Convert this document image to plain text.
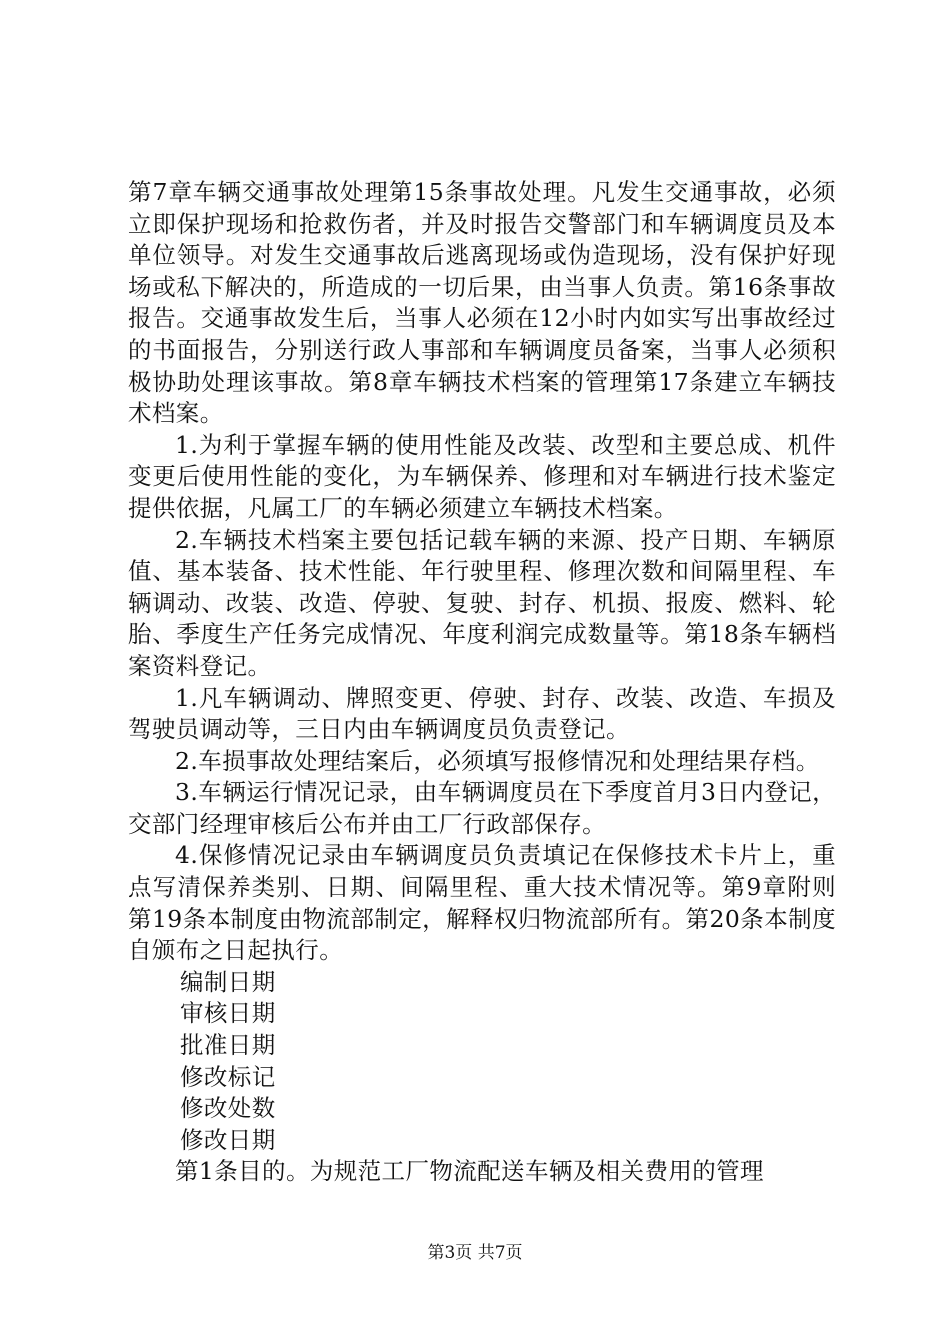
第7章车辆交通事故处理第15条事故处理。凡发生交通事故，必须立即保护现场和抢救伤者，并及时报告交警部门和车辆调度员及本单位领导。对发生交通事故后逃离现场或伪造现场，没有保护好现场或私下解决的，所造成的一切后果，由当事人负责。第16条事故报告。交通事故发生后，当事人必须在12小时内如实写出事故经过的书面报告，分别送行政人事部和车辆调度员备案，当事人必须积极协助处理该事故。第8章车辆技术档案的管理第17条建立车辆技术档案。

1.为利于掌握车辆的使用性能及改装、改型和主要总成、机件变更后使用性能的变化，为车辆保养、修理和对车辆进行技术鉴定提供依据，凡属工厂的车辆必须建立车辆技术档案。

2.车辆技术档案主要包括记载车辆的来源、投产日期、车辆原值、基本装备、技术性能、年行驶里程、修理次数和间隔里程、车辆调动、改装、改造、停驶、复驶、封存、机损、报废、燃料、轮胎、季度生产任务完成情况、年度利润完成数量等。第18条车辆档案资料登记。

1.凡车辆调动、牌照变更、停驶、封存、改装、改造、车损及驾驶员调动等，三日内由车辆调度员负责登记。

2.车损事故处理结案后，必须填写报修情况和处理结果存档。

3.车辆运行情况记录，由车辆调度员在下季度首月3日内登记，交部门经理审核后公布并由工厂行政部保存。

4.保修情况记录由车辆调度员负责填记在保修技术卡片上，重点写清保养类别、日期、间隔里程、重大技术情况等。第9章附则第19条本制度由物流部制定，解释权归物流部所有。第20条本制度自颁布之日起执行。

编制日期

审核日期

批准日期

修改标记

修改处数

修改日期

第1条目的。为规范工厂物流配送车辆及相关费用的管理

第3页 共7页
